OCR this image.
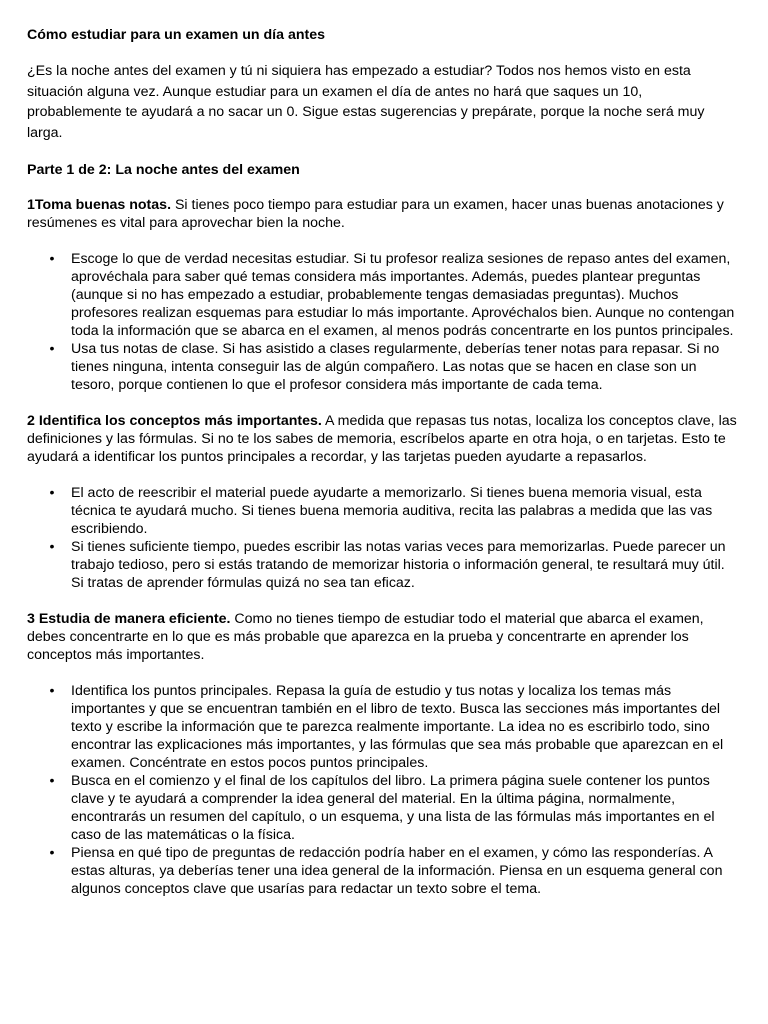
Cómo estudiar para un examen un día antes
¿Es la noche antes del examen y tú ni siquiera has empezado a estudiar? Todos nos hemos visto en esta situación alguna vez. Aunque estudiar para un examen el día de antes no hará que saques un 10, probablemente te ayudará a no sacar un 0. Sigue estas sugerencias y prepárate, porque la noche será muy larga.
Parte 1 de 2: La noche antes del examen
1Toma buenas notas. Si tienes poco tiempo para estudiar para un examen, hacer unas buenas anotaciones y resúmenes es vital para aprovechar bien la noche.
• Escoge lo que de verdad necesitas estudiar. Si tu profesor realiza sesiones de repaso antes del examen, aprovéchala para saber qué temas considera más importantes. Además, puedes plantear preguntas (aunque si no has empezado a estudiar, probablemente tengas demasiadas preguntas). Muchos profesores realizan esquemas para estudiar lo más importante. Aprovéchalos bien. Aunque no contengan toda la información que se abarca en el examen, al menos podrás concentrarte en los puntos principales.
• Usa tus notas de clase. Si has asistido a clases regularmente, deberías tener notas para repasar. Si no tienes ninguna, intenta conseguir las de algún compañero. Las notas que se hacen en clase son un tesoro, porque contienen lo que el profesor considera más importante de cada tema.
2 Identifica los conceptos más importantes. A medida que repasas tus notas, localiza los conceptos clave, las definiciones y las fórmulas. Si no te los sabes de memoria, escríbelos aparte en otra hoja, o en tarjetas. Esto te ayudará a identificar los puntos principales a recordar, y las tarjetas pueden ayudarte a repasarlos.
• El acto de reescribir el material puede ayudarte a memorizarlo. Si tienes buena memoria visual, esta técnica te ayudará mucho. Si tienes buena memoria auditiva, recita las palabras a medida que las vas escribiendo.
• Si tienes suficiente tiempo, puedes escribir las notas varias veces para memorizarlas. Puede parecer un trabajo tedioso, pero si estás tratando de memorizar historia o información general, te resultará muy útil. Si tratas de aprender fórmulas quizá no sea tan eficaz.
3 Estudia de manera eficiente. Como no tienes tiempo de estudiar todo el material que abarca el examen, debes concentrarte en lo que es más probable que aparezca en la prueba y concentrarte en aprender los conceptos más importantes.
• Identifica los puntos principales. Repasa la guía de estudio y tus notas y localiza los temas más importantes y que se encuentran también en el libro de texto. Busca las secciones más importantes del texto y escribe la información que te parezca realmente importante. La idea no es escribirlo todo, sino encontrar las explicaciones más importantes, y las fórmulas que sea más probable que aparezcan en el examen. Concéntrate en estos pocos puntos principales.
• Busca en el comienzo y el final de los capítulos del libro. La primera página suele contener los puntos clave y te ayudará a comprender la idea general del material. En la última página, normalmente, encontrarás un resumen del capítulo, o un esquema, y una lista de las fórmulas más importantes en el caso de las matemáticas o la física.
• Piensa en qué tipo de preguntas de redacción podría haber en el examen, y cómo las responderías. A estas alturas, ya deberías tener una idea general de la información. Piensa en un esquema general con algunos conceptos clave que usarías para redactar un texto sobre el tema.
